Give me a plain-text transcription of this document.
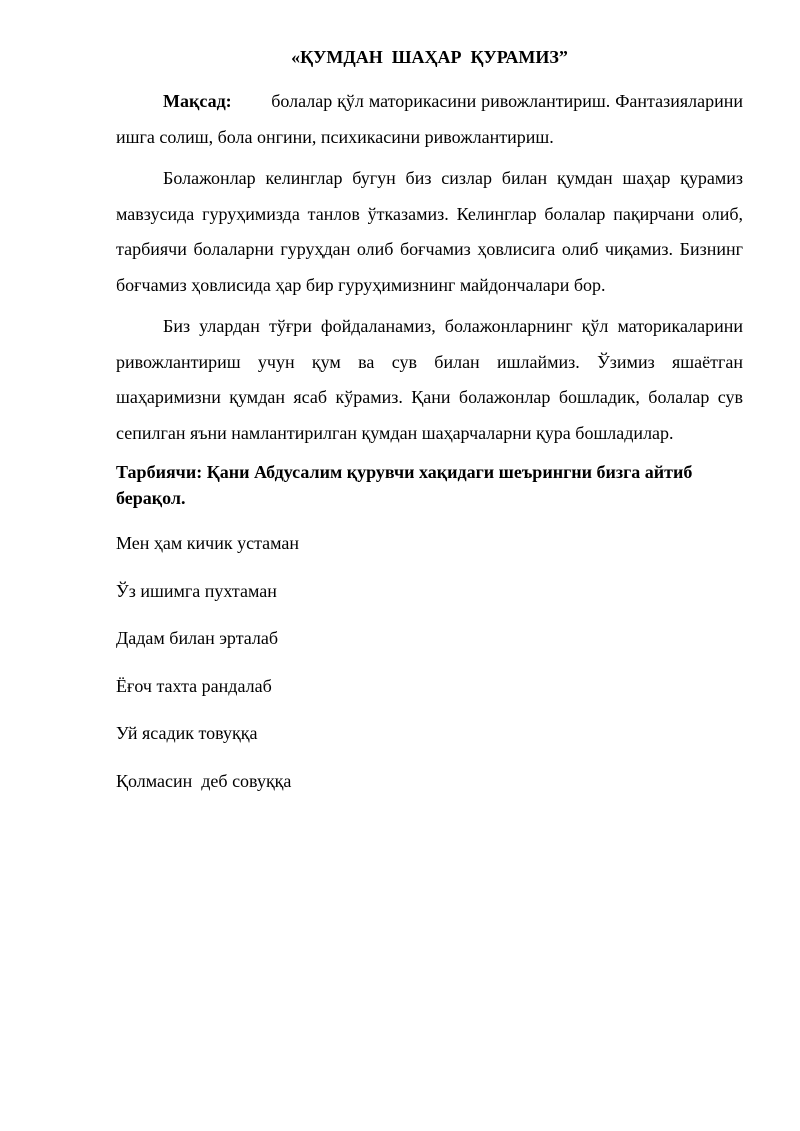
«ҚУМДАН  ШАҲАР  ҚУРАМИЗ”

Мақсад: болалар қўл маторикасини ривожлантириш. Фантазияларини ишга солиш, бола онгини, психикасини ривожлантириш.

Болажонлар келинглар бугун биз сизлар билан қумдан шаҳар қурамиз мавзусида гуруҳимизда танлов ўтказамиз. Келинглар болалар пақирчани олиб, тарбиячи болаларни гуруҳдан олиб боғчамиз ҳовлисига олиб чиқамиз. Бизнинг боғчамиз ҳовлисида ҳар бир гуруҳимизнинг майдончалари бор.

Биз улардан тўғри фойдаланамиз, болажонларнинг қўл маторикаларини ривожлантириш учун қум ва сув билан ишлаймиз. Ўзимиз яшаётган шаҳаримизни қумдан ясаб кўрамиз. Қани болажонлар бошладик, болалар сув сепилган яъни намлантирилган қумдан шаҳарчаларни қура бошладилар.

Тарбиячи: Қани Абдусалим қурувчи хақидаги шеърингни бизга айтиб берақол.

Мен ҳам кичик устаман
Ўз ишимга пухтаман
Дадам билан эрталаб
Ёғоч тахта рандалаб
Уй ясадик товуққа
Қолмасин  деб совуққа
